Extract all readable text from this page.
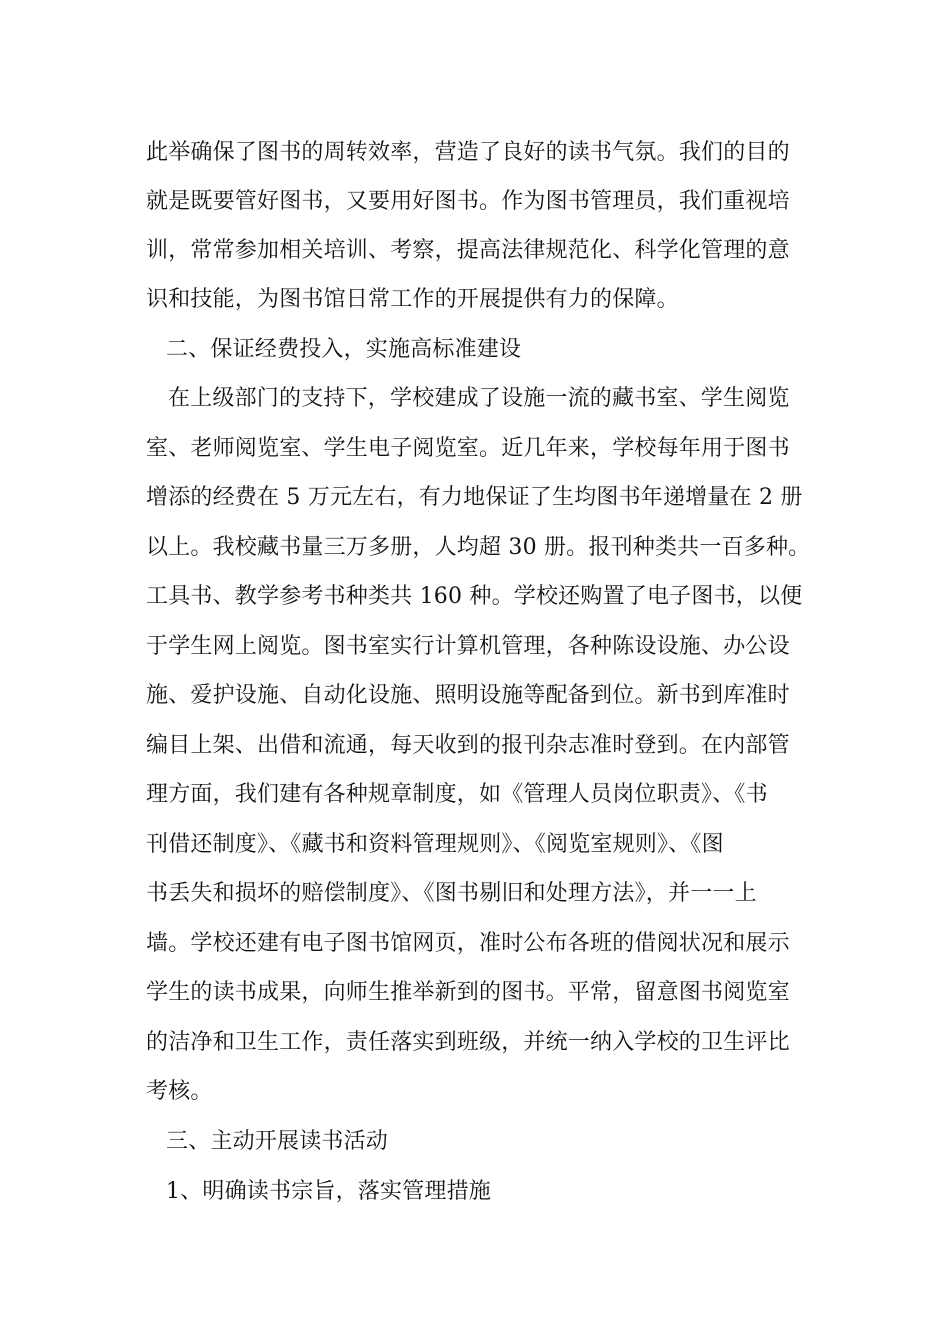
此举确保了图书的周转效率，营造了良好的读书气氛。我们的目的
就是既要管好图书，又要用好图书。作为图书管理员，我们重视培
训，常常参加相关培训、考察，提高法律规范化、科学化管理的意
识和技能，为图书馆日常工作的开展提供有力的保障。
二、保证经费投入，实施高标准建设
在上级部门的支持下，学校建成了设施一流的藏书室、学生阅览
室、老师阅览室、学生电子阅览室。近几年来，学校每年用于图书
增添的经费在 5 万元左右，有力地保证了生均图书年递增量在 2 册
以上。我校藏书量三万多册，人均超 30 册。报刊种类共一百多种。
工具书、教学参考书种类共 160 种。学校还购置了电子图书，以便
于学生网上阅览。图书室实行计算机管理，各种陈设设施、办公设
施、爱护设施、自动化设施、照明设施等配备到位。新书到库准时
编目上架、出借和流通，每天收到的报刊杂志准时登到。在内部管
理方面，我们建有各种规章制度，如《管理人员岗位职责》、《书
刊借还制度》、《藏书和资料管理规则》、《阅览室规则》、《图
书丢失和损坏的赔偿制度》、《图书剔旧和处理方法》，并一一上
墙。学校还建有电子图书馆网页，准时公布各班的借阅状况和展示
学生的读书成果，向师生推举新到的图书。平常，留意图书阅览室
的洁净和卫生工作，责任落实到班级，并统一纳入学校的卫生评比
考核。
三、主动开展读书活动
1、明确读书宗旨，落实管理措施
